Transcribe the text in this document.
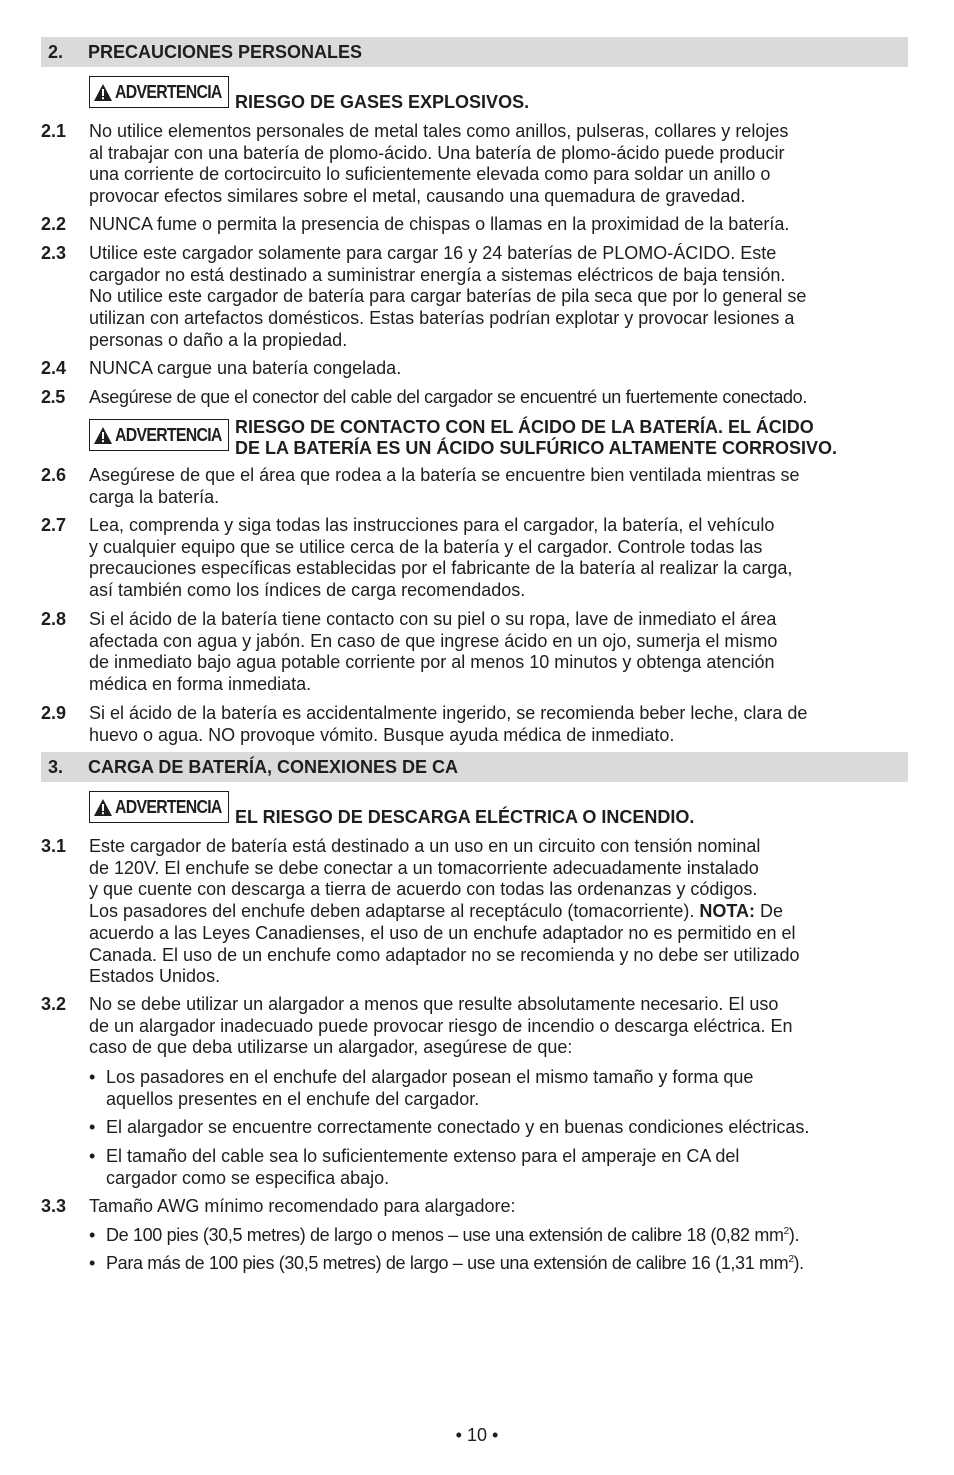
2. PRECAUCIONES PERSONALES
ADVERTENCIA
RIESGO DE GASES EXPLOSIVOS.
2.1 No utilice elementos personales de metal tales como anillos, pulseras, collares y relojes
al trabajar con una batería de plomo-ácido. Una batería de plomo-ácido puede producir
una corriente de cortocircuito lo suficientemente elevada como para soldar un anillo o
provocar efectos similares sobre el metal, causando una quemadura de gravedad.
2.2 NUNCA fume o permita la presencia de chispas o llamas en la proximidad de la batería.
2.3 Utilice este cargador solamente para cargar 16 y 24 baterías de PLOMO-ÁCIDO. Este
cargador no está destinado a suministrar energía a sistemas eléctricos de baja tensión.
No utilice este cargador de batería para cargar baterías de pila seca que por lo general se
utilizan con artefactos domésticos. Estas baterías podrían explotar y provocar lesiones a
personas o daño a la propiedad.
2.4 NUNCA cargue una batería congelada.
2.5 Asegúrese de que el conector del cable del cargador se encuentré un fuertemente conectado.
ADVERTENCIA RIESGO DE CONTACTO CON EL ÁCIDO DE LA BATERÍA. EL ÁCIDO
DE LA BATERÍA ES UN ÁCIDO SULFÚRICO ALTAMENTE CORROSIVO.
2.6 Asegúrese de que el área que rodea a la batería se encuentre bien ventilada mientras se
carga la batería.
2.7 Lea, comprenda y siga todas las instrucciones para el cargador, la batería, el vehículo
y cualquier equipo que se utilice cerca de la batería y el cargador. Controle todas las
precauciones específicas establecidas por el fabricante de la batería al realizar la carga,
así también como los índices de carga recomendados.
2.8 Si el ácido de la batería tiene contacto con su piel o su ropa, lave de inmediato el área
afectada con agua y jabón. En caso de que ingrese ácido en un ojo, sumerja el mismo
de inmediato bajo agua potable corriente por al menos 10 minutos y obtenga atención
médica en forma inmediata.
2.9 Si el ácido de la batería es accidentalmente ingerido, se recomienda beber leche, clara de
huevo o agua. NO provoque vómito. Busque ayuda médica de inmediato.
3. CARGA DE BATERÍA, CONEXIONES DE CA
ADVERTENCIA
EL RIESGO DE DESCARGA ELÉCTRICA O INCENDIO.
3.1 Este cargador de batería está destinado a un uso en un circuito con tensión nominal
de 120V. El enchufe se debe conectar a un tomacorriente adecuadamente instalado
y que cuente con descarga a tierra de acuerdo con todas las ordenanzas y códigos.
Los pasadores del enchufe deben adaptarse al receptáculo (tomacorriente). NOTA: De
acuerdo a las Leyes Canadienses, el uso de un enchufe adaptador no es permitido en el
Canada. El uso de un enchufe como adaptador no se recomienda y no debe ser utilizado
Estados Unidos.
3.2 No se debe utilizar un alargador a menos que resulte absolutamente necesario. El uso
de un alargador inadecuado puede provocar riesgo de incendio o descarga eléctrica. En
caso de que deba utilizarse un alargador, asegúrese de que:
• Los pasadores en el enchufe del alargador posean el mismo tamaño y forma que
aquellos presentes en el enchufe del cargador.
• El alargador se encuentre correctamente conectado y en buenas condiciones eléctricas.
• El tamaño del cable sea lo suficientemente extenso para el amperaje en CA del
cargador como se especifica abajo.
3.3 Tamaño AWG mínimo recomendado para alargadore:
• De 100 pies (30,5 metres) de largo o menos – use una extensión de calibre 18 (0,82 $mm^2$).
• Para más de 100 pies (30,5 metres) de largo – use una extensión de calibre 16 (1,31 $mm^2$).
• 10 •
